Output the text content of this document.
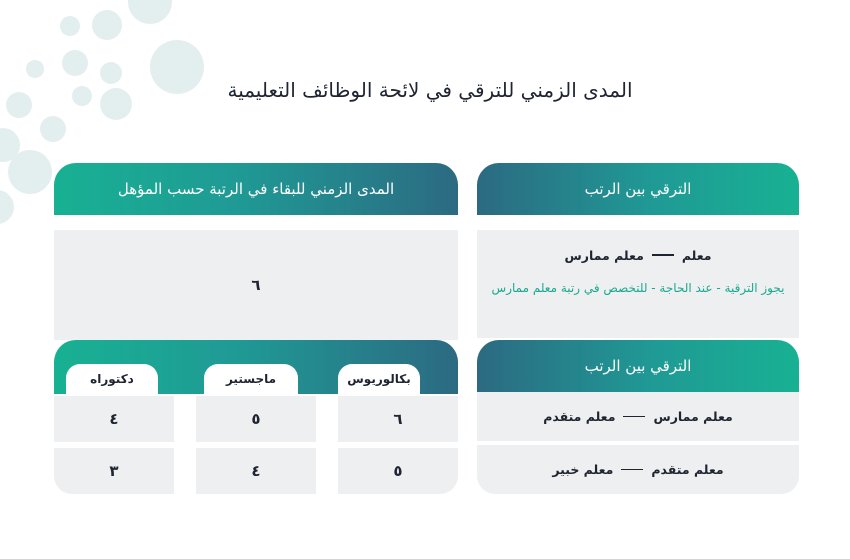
المدى الزمني للترقي في لائحة الوظائف التعليمية
المدى الزمني للبقاء في الرتبة حسب المؤهل
٦
بكالوريوس
ماجستير
دكتوراه
٦
٥
٤
٥
٤
٣
الترقي بين الرتب
معلم
معلم ممارس
يجوز الترقية - عند الحاجة - للتخصص في رتبة معلم ممارس
الترقي بين الرتب
معلم ممارس
معلم متقدم
معلم متقدم
معلم خبير
